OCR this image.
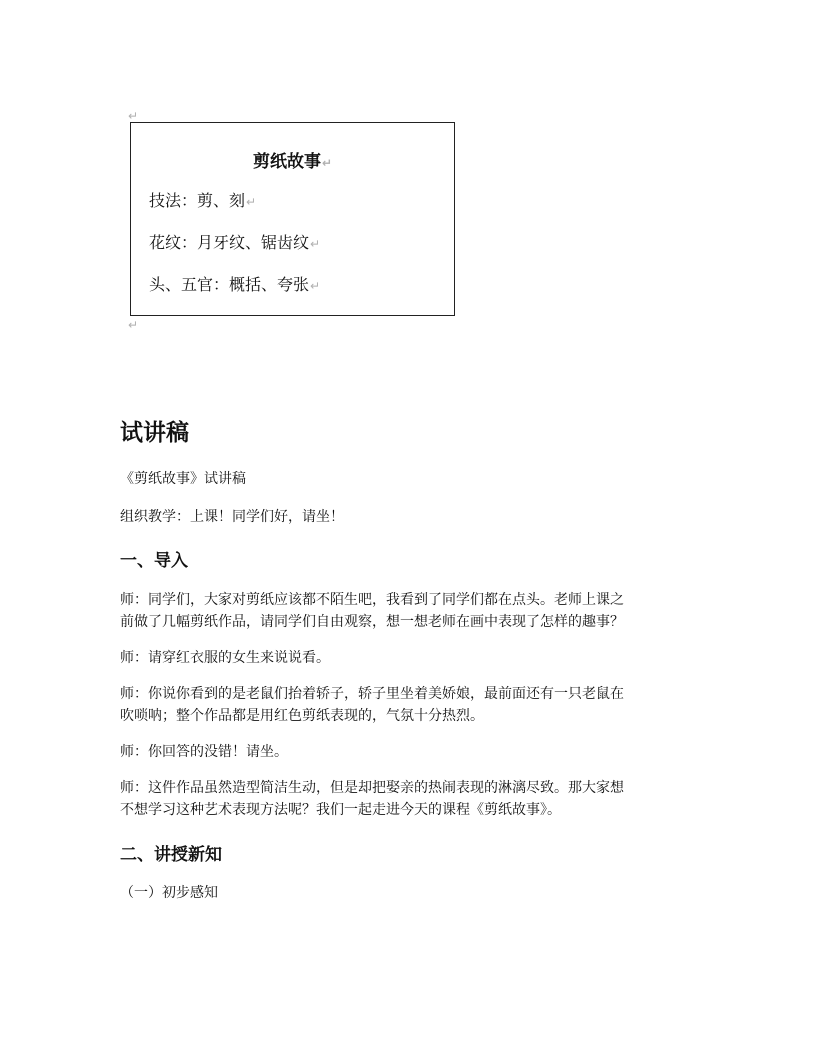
↵
剪纸故事↵
技法：剪、刻↵
花纹：月牙纹、锯齿纹↵
头、五官：概括、夸张↵
↵
试讲稿
《剪纸故事》试讲稿
组织教学：上课！同学们好，请坐！
一、导入
师：同学们，大家对剪纸应该都不陌生吧，我看到了同学们都在点头。老师上课之
前做了几幅剪纸作品，请同学们自由观察，想一想老师在画中表现了怎样的趣事？
师：请穿红衣服的女生来说说看。
师：你说你看到的是老鼠们抬着轿子，轿子里坐着美娇娘，最前面还有一只老鼠在
吹唢呐；整个作品都是用红色剪纸表现的，气氛十分热烈。
师：你回答的没错！请坐。
师：这件作品虽然造型简洁生动，但是却把娶亲的热闹表现的淋漓尽致。那大家想
不想学习这种艺术表现方法呢？我们一起走进今天的课程《剪纸故事》。
二、讲授新知
（一）初步感知
